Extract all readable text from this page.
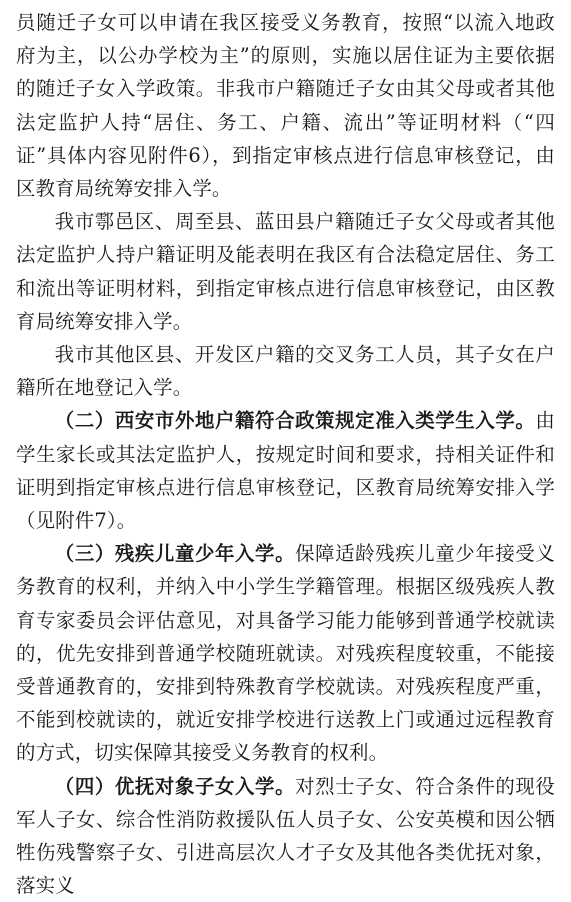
员随迁子女可以申请在我区接受义务教育，按照“以流入地政府为主，以公办学校为主”的原则，实施以居住证为主要依据的随迁子女入学政策。非我市户籍随迁子女由其父母或者其他法定监护人持“居住、务工、户籍、流出”等证明材料（“四证”具体内容见附件6），到指定审核点进行信息审核登记，由区教育局统筹安排入学。

我市鄠邑区、周至县、蓝田县户籍随迁子女父母或者其他法定监护人持户籍证明及能表明在我区有合法稳定居住、务工和流出等证明材料，到指定审核点进行信息审核登记，由区教育局统筹安排入学。

我市其他区县、开发区户籍的交叉务工人员，其子女在户籍所在地登记入学。

（二）西安市外地户籍符合政策规定准入类学生入学。由学生家长或其法定监护人，按规定时间和要求，持相关证件和证明到指定审核点进行信息审核登记，区教育局统筹安排入学（见附件7）。

（三）残疾儿童少年入学。保障适龄残疾儿童少年接受义务教育的权利，并纳入中小学生学籍管理。根据区级残疾人教育专家委员会评估意见，对具备学习能力能够到普通学校就读的，优先安排到普通学校随班就读。对残疾程度较重，不能接受普通教育的，安排到特殊教育学校就读。对残疾程度严重，不能到校就读的，就近安排学校进行送教上门或通过远程教育的方式，切实保障其接受义务教育的权利。

（四）优抚对象子女入学。对烈士子女、符合条件的现役军人子女、综合性消防救援队伍人员子女、公安英模和因公牺牲伤残警察子女、引进高层次人才子女及其他各类优抚对象，落实义
